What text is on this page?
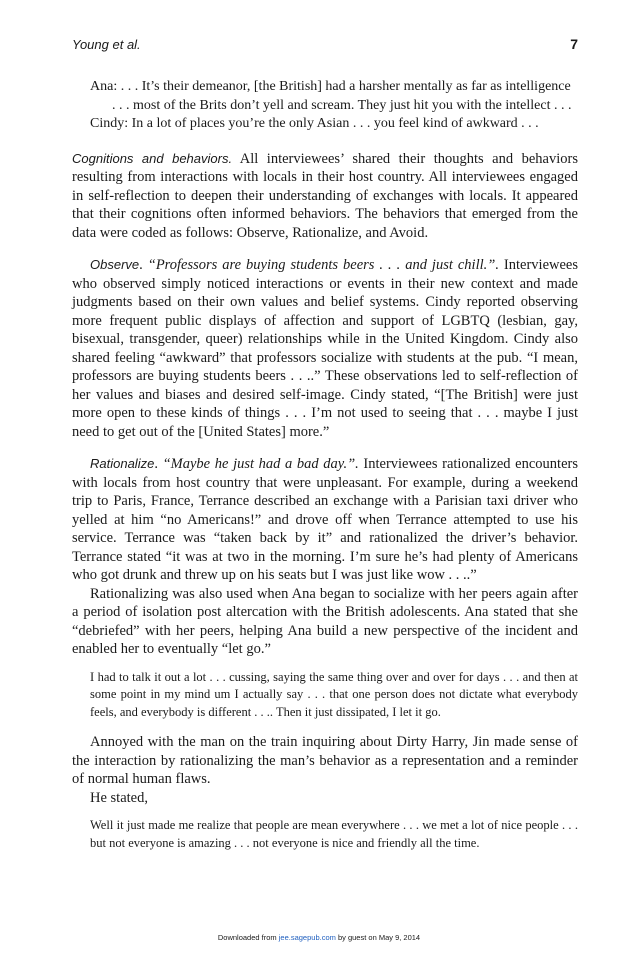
Young et al.	7
Ana: . . . It’s their demeanor, [the British] had a harsher mentally as far as intelligence
. . . most of the Brits don’t yell and scream. They just hit you with the intellect . . .
Cindy: In a lot of places you’re the only Asian . . . you feel kind of awkward . . .

Cognitions and behaviors. All interviewees’ shared their thoughts and behaviors resulting from interactions with locals in their host country. All interviewees engaged in self-reflection to deepen their understanding of exchanges with locals. It appeared that their cognitions often informed behaviors. The behaviors that emerged from the data were coded as follows: Observe, Rationalize, and Avoid.

Observe. “Professors are buying students beers . . . and just chill.”. Interviewees who observed simply noticed interactions or events in their new context and made judgments based on their own values and belief systems. Cindy reported observing more frequent public displays of affection and support of LGBTQ (lesbian, gay, bisexual, transgender, queer) relationships while in the United Kingdom. Cindy also shared feeling “awkward” that professors socialize with students at the pub. “I mean, professors are buying students beers . . ..” These observations led to self-reflection of her values and biases and desired self-image. Cindy stated, “[The British] were just more open to these kinds of things . . . I’m not used to seeing that . . . maybe I just need to get out of the [United States] more.”

Rationalize. “Maybe he just had a bad day.”. Interviewees rationalized encounters with locals from host country that were unpleasant. For example, during a weekend trip to Paris, France, Terrance described an exchange with a Parisian taxi driver who yelled at him “no Americans!” and drove off when Terrance attempted to use his service. Terrance was “taken back by it” and rationalized the driver’s behavior. Terrance stated “it was at two in the morning. I’m sure he’s had plenty of Americans who got drunk and threw up on his seats but I was just like wow . . ..”

Rationalizing was also used when Ana began to socialize with her peers again after a period of isolation post altercation with the British adolescents. Ana stated that she “debriefed” with her peers, helping Ana build a new perspective of the incident and enabled her to eventually “let go.”

I had to talk it out a lot . . . cussing, saying the same thing over and over for days . . . and then at some point in my mind um I actually say . . . that one person does not dictate what everybody feels, and everybody is different . . .. Then it just dissipated, I let it go.

Annoyed with the man on the train inquiring about Dirty Harry, Jin made sense of the interaction by rationalizing the man’s behavior as a representation and a reminder of normal human flaws.

He stated,

Well it just made me realize that people are mean everywhere . . . we met a lot of nice people . . . but not everyone is amazing . . . not everyone is nice and friendly all the time.
Downloaded from jee.sagepub.com by guest on May 9, 2014
